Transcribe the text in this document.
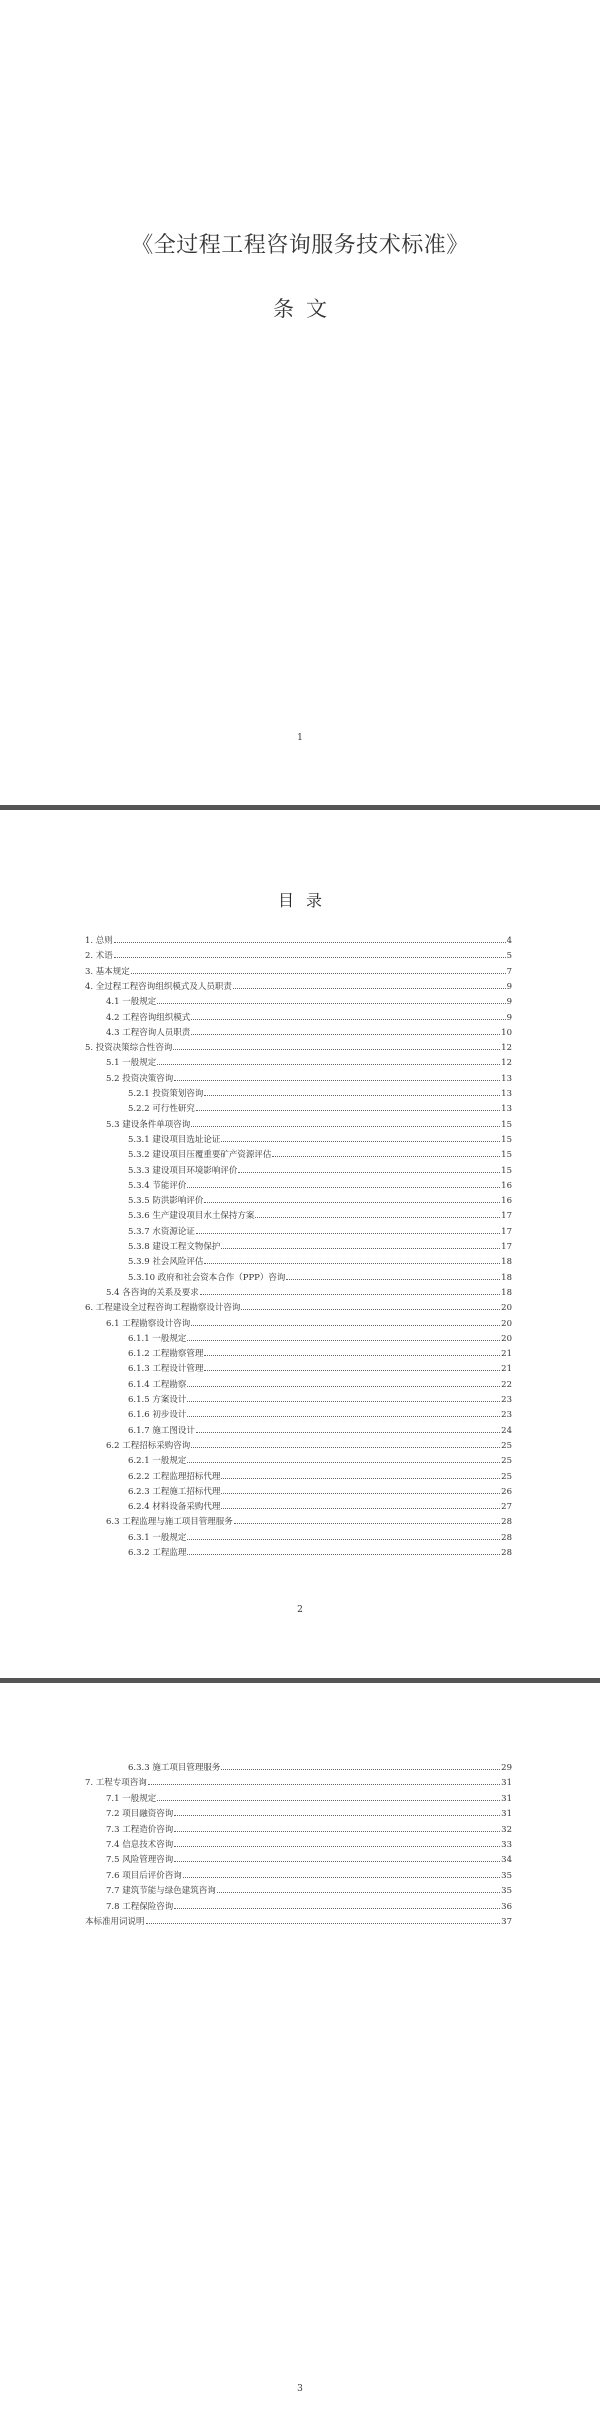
《全过程工程咨询服务技术标准》
条文
1
目录
1. 总则	4
2. 术语	5
3. 基本规定	7
4. 全过程工程咨询组织模式及人员职责	9
4.1 一般规定	9
4.2 工程咨询组织模式	9
4.3 工程咨询人员职责	10
5. 投资决策综合性咨询	12
5.1 一般规定	12
5.2 投资决策咨询	13
5.2.1 投资策划咨询	13
5.2.2 可行性研究	13
5.3 建设条件单项咨询	15
5.3.1 建设项目选址论证	15
5.3.2 建设项目压覆重要矿产资源评估	15
5.3.3 建设项目环境影响评价	15
5.3.4 节能评价	16
5.3.5 防洪影响评价	16
5.3.6 生产建设项目水土保持方案	17
5.3.7 水资源论证	17
5.3.8 建设工程文物保护	17
5.3.9 社会风险评估	18
5.3.10 政府和社会资本合作（PPP）咨询	18
5.4 各咨询的关系及要求	18
6. 工程建设全过程咨询工程勘察设计咨询	20
6.1 工程勘察设计咨询	20
6.1.1 一般规定	20
6.1.2 工程勘察管理	21
6.1.3 工程设计管理	21
6.1.4 工程勘察	22
6.1.5 方案设计	23
6.1.6 初步设计	23
6.1.7 施工图设计	24
6.2 工程招标采购咨询	25
6.2.1 一般规定	25
6.2.2 工程监理招标代理	25
6.2.3 工程施工招标代理	26
6.2.4 材料设备采购代理	27
6.3 工程监理与施工项目管理服务	28
6.3.1 一般规定	28
6.3.2 工程监理	28
2
6.3.3 施工项目管理服务	29
7. 工程专项咨询	31
7.1 一般规定	31
7.2 项目融资咨询	31
7.3 工程造价咨询	32
7.4 信息技术咨询	33
7.5 风险管理咨询	34
7.6 项目后评价咨询	35
7.7 建筑节能与绿色建筑咨询	35
7.8 工程保险咨询	36
本标准用词说明	37
3
